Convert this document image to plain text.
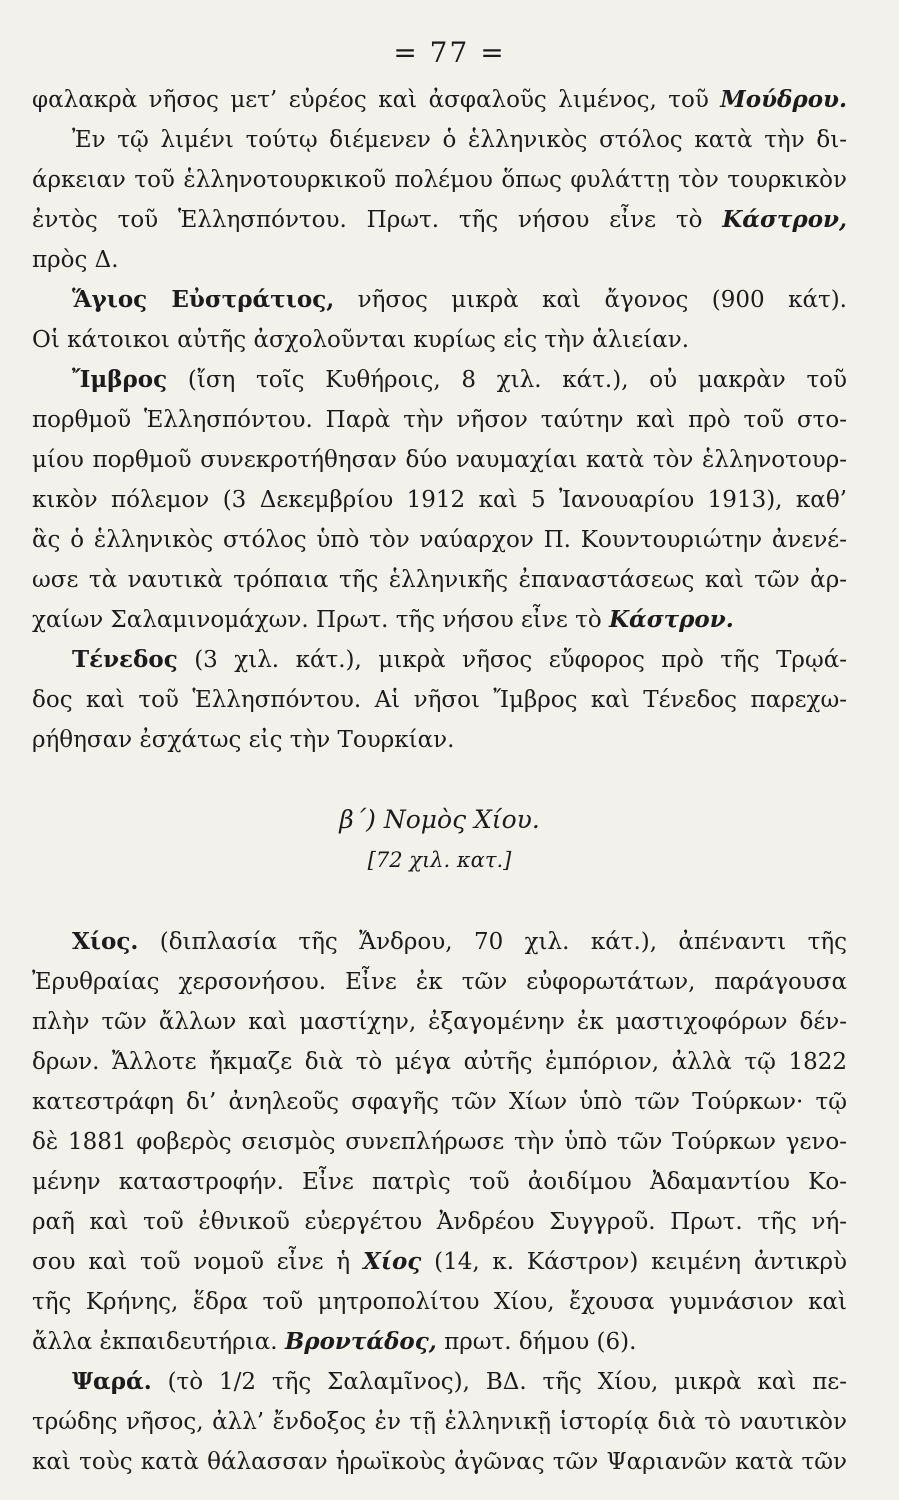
= 77 =
φαλακρὰ νῆσος μετ’ εὐρέος καὶ ἀσφαλοῦς λιμένος, τοῦ Μούδρου.
Ἐν τῷ λιμένι τούτῳ διέμενεν ὁ ἑλληνικὸς στόλος κατὰ τὴν δι-
άρκειαν τοῦ ἑλληνοτουρκικοῦ πολέμου ὅπως φυλάττῃ τὸν τουρκικὸν
ἐντὸς τοῦ Ἑλλησπόντου. Πρωτ. τῆς νήσου εἶνε τὸ Κάστρον,
πρὸς Δ.
Ἅγιος Εὐστράτιος, νῆσος μικρὰ καὶ ἄγονος (900 κάτ).
Οἱ κάτοικοι αὐτῆς ἀσχολοῦνται κυρίως εἰς τὴν ἁλιείαν.
Ἴμβρος (ἴση τοῖς Κυθήροις, 8 χιλ. κάτ.), οὐ μακρὰν τοῦ
πορθμοῦ Ἑλλησπόντου. Παρὰ τὴν νῆσον ταύτην καὶ πρὸ τοῦ στο-
μίου πορθμοῦ συνεκροτήθησαν δύο ναυμαχίαι κατὰ τὸν ἑλληνοτουρ-
κικὸν πόλεμον (3 Δεκεμβρίου 1912 καὶ 5 Ἰανουαρίου 1913), καθ’
ἃς ὁ ἑλληνικὸς στόλος ὑπὸ τὸν ναύαρχον Π. Κουντουριώτην ἀνενέ-
ωσε τὰ ναυτικὰ τρόπαια τῆς ἑλληνικῆς ἐπαναστάσεως καὶ τῶν ἀρ-
χαίων Σαλαμινομάχων. Πρωτ. τῆς νήσου εἶνε τὸ Κάστρον.
Τένεδος (3 χιλ. κάτ.), μικρὰ νῆσος εὔφορος πρὸ τῆς Τρῳά-
δος καὶ τοῦ Ἑλλησπόντου. Αἱ νῆσοι Ἴμβρος καὶ Τένεδος παρεχω-
ρήθησαν ἐσχάτως εἰς τὴν Τουρκίαν.
β΄) Νομὸς Χίου.
[72 χιλ. κατ.]
Χίος. (διπλασία τῆς Ἄνδρου, 70 χιλ. κάτ.), ἀπέναντι τῆς
Ἐρυθραίας χερσονήσου. Εἶνε ἐκ τῶν εὐφορωτάτων, παράγουσα
πλὴν τῶν ἄλλων καὶ μαστίχην, ἐξαγομένην ἐκ μαστιχοφόρων δέν-
δρων. Ἄλλοτε ἤκμαζε διὰ τὸ μέγα αὐτῆς ἐμπόριον, ἀλλὰ τῷ 1822
κατεστράφη δι’ ἀνηλεοῦς σφαγῆς τῶν Χίων ὑπὸ τῶν Τούρκων· τῷ
δὲ 1881 φοβερὸς σεισμὸς συνεπλήρωσε τὴν ὑπὸ τῶν Τούρκων γενο-
μένην καταστροφήν. Εἶνε πατρὶς τοῦ ἀοιδίμου Ἀδαμαντίου Κο-
ραῆ καὶ τοῦ ἐθνικοῦ εὐεργέτου Ἀνδρέου Συγγροῦ. Πρωτ. τῆς νή-
σου καὶ τοῦ νομοῦ εἶνε ἡ Χίος (14, κ. Κάστρον) κειμένη ἀντικρὺ
τῆς Κρήνης, ἕδρα τοῦ μητροπολίτου Χίου, ἔχουσα γυμνάσιον καὶ
ἄλλα ἐκπαιδευτήρια. Βροντάδος, πρωτ. δήμου (6).
Ψαρά. (τὸ 1/2 τῆς Σαλαμῖνος), ΒΔ. τῆς Χίου, μικρὰ καὶ πε-
τρώδης νῆσος, ἀλλ’ ἔνδοξος ἐν τῇ ἑλληνικῇ ἱστορίᾳ διὰ τὸ ναυτικὸν
καὶ τοὺς κατὰ θάλασσαν ἡρωϊκοὺς ἀγῶνας τῶν Ψαριανῶν κατὰ τῶν
